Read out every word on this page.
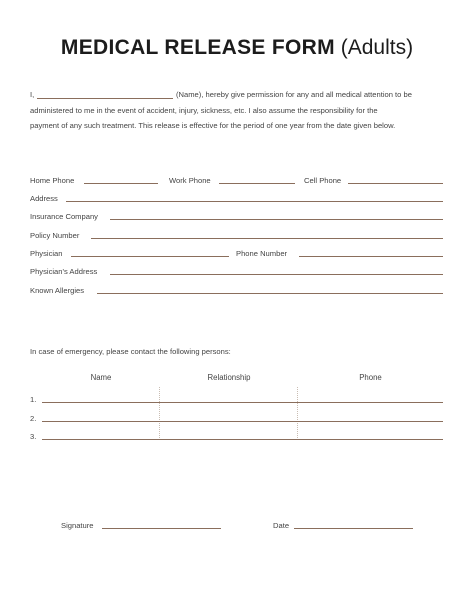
MEDICAL RELEASE FORM (Adults)
I,	(Name), hereby give permission for any and all medical attention to be
administered to me in the event of accident, injury, sickness, etc. I also assume the responsibility for the
payment of any such treatment. This release is effective for the period of one year from the date given below.
Home Phone	Work Phone	Cell Phone
Address
Insurance Company
Policy Number
Physician	Phone Number
Physician's Address
Known Allergies
In case of emergency, please contact the following persons:
Name	Relationship	Phone
1.
2.
3.
Signature	Date
